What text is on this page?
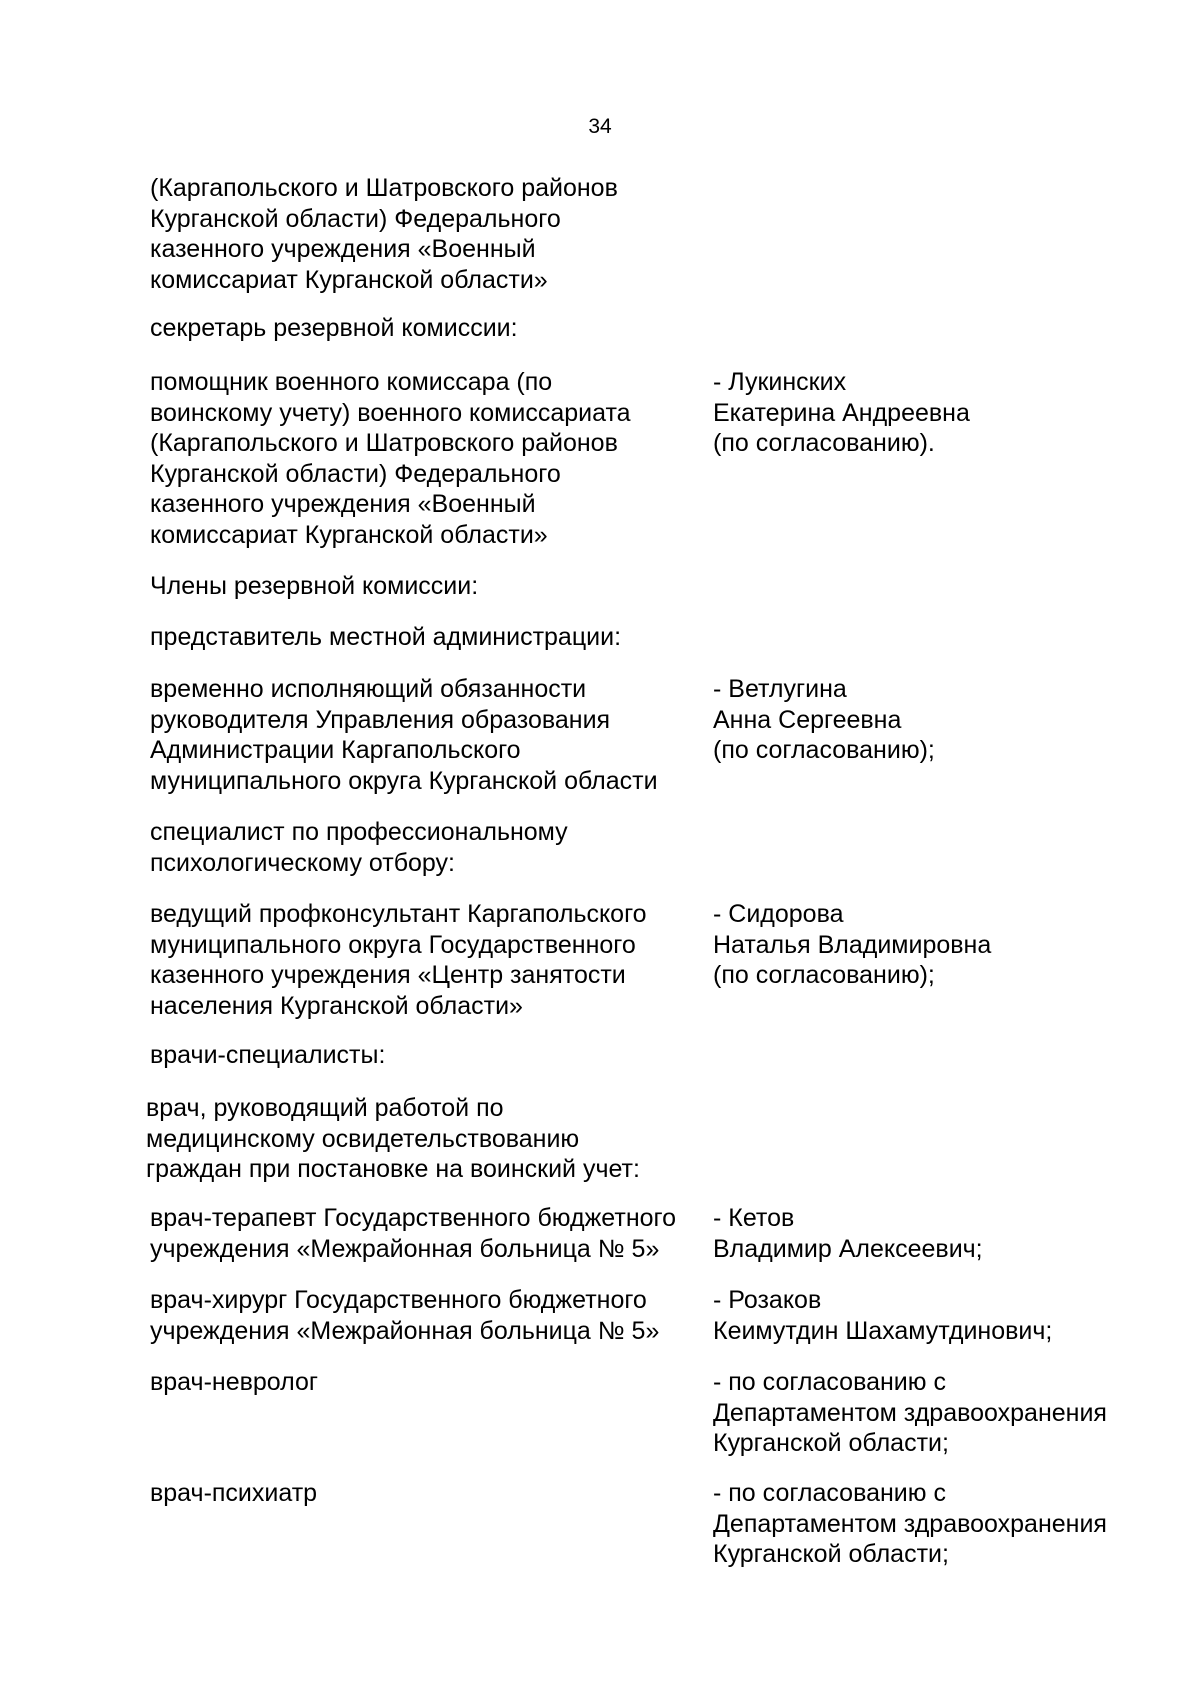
34
(Каргапольского и Шатровского районов
Курганской области) Федерального
казенного учреждения «Военный
комиссариат Курганской области»
секретарь резервной комиссии:
помощник военного комиссара (по
воинскому учету) военного комиссариата
(Каргапольского и Шатровского районов
Курганской области) Федерального
казенного учреждения «Военный
комиссариат Курганской области»
- Лукинских
Екатерина Андреевна
(по согласованию).
Члены резервной комиссии:
представитель местной администрации:
временно исполняющий обязанности
руководителя Управления образования
Администрации Каргапольского
муниципального округа Курганской области
- Ветлугина
Анна Сергеевна
(по согласованию);
специалист по профессиональному
психологическому отбору:
ведущий профконсультант Каргапольского
муниципального округа Государственного
казенного учреждения «Центр занятости
населения Курганской области»
- Сидорова
Наталья Владимировна
(по согласованию);
врачи-специалисты:
врач, руководящий работой по
медицинскому освидетельствованию
граждан при постановке на воинский учет:
врач-терапевт Государственного бюджетного
учреждения «Межрайонная больница № 5»
- Кетов
Владимир Алексеевич;
врач-хирург Государственного бюджетного
учреждения «Межрайонная больница № 5»
- Розаков
Кеимутдин Шахамутдинович;
врач-невролог	- по согласованию с
Департаментом здравоохранения
Курганской области;
врач-психиатр	- по согласованию с
Департаментом здравоохранения
Курганской области;
